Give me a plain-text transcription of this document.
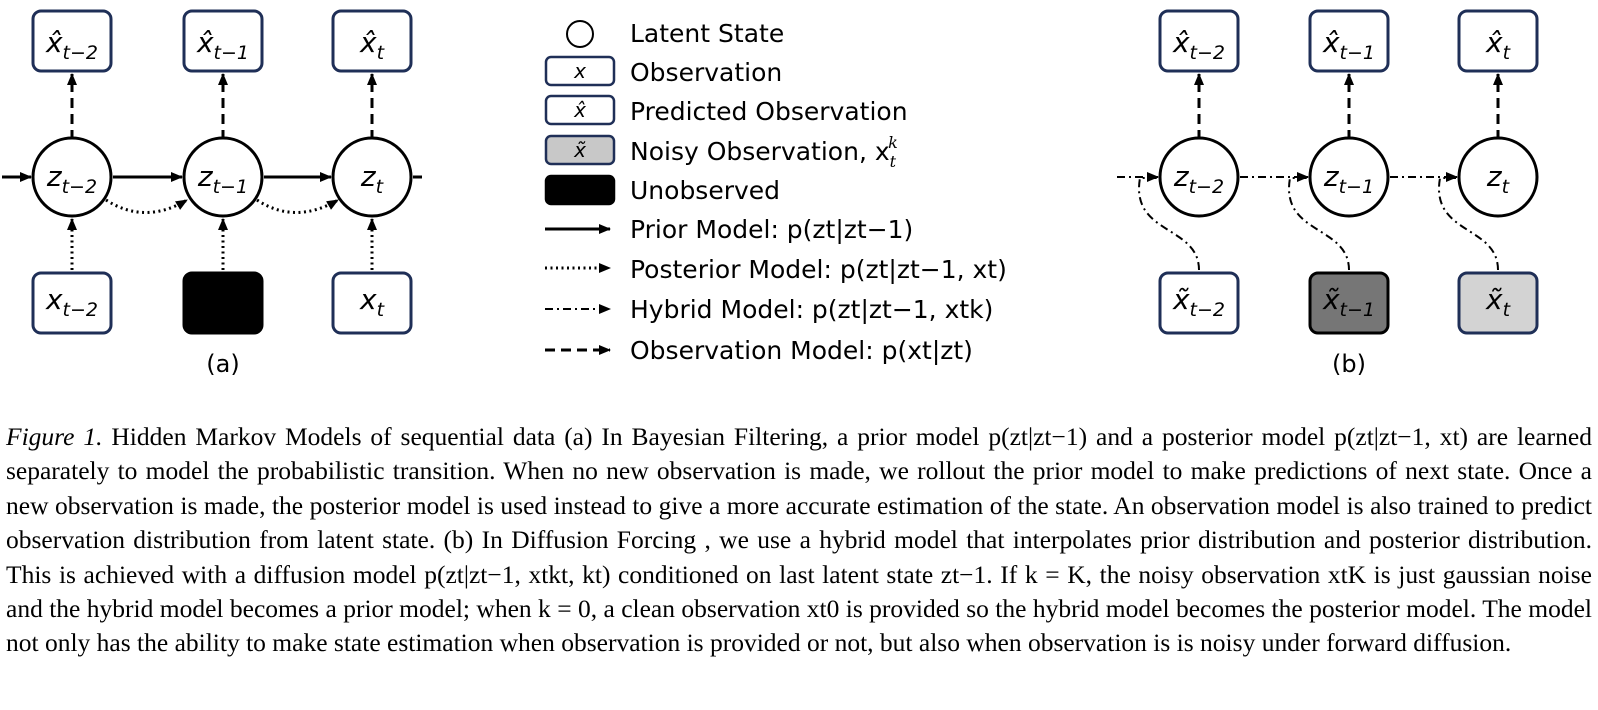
$x̂_{t-2}$	$x̂_{t-1}$	$x̂_t$
$z_{t-2}$	$z_{t-1}$	$z_t$
$x_{t-2}$	$x_t$
(a)
Latent State
x Observation
x̂ Predicted Observation
x̃ Noisy Observation, $x_tk$
Unobserved
Prior Model: p(zt|zt−1)
Posterior Model: p(zt|zt−1, xt)
Hybrid Model: p(zt|zt−1, xtk)
Observation Model: p(xt|zt)
$x̂_{t-2}$	$x̂_{t-1}$	$x̂_t$
$z_{t-2}$	$z_{t-1}$	$z_t$
$x̃_{t-2}$	$x̃_{t-1}$	$x̃_t$
(b)

Figure 1. Hidden Markov Models of sequential data (a) In Bayesian Filtering, a prior model p(zt|zt−1) and a posterior model p(zt|zt−1, xt) are learned separately to model the probabilistic transition. When no new observation is made, we rollout the prior model to make predictions of next state. Once a new observation is made, the posterior model is used instead to give a more accurate estimation of the state. An observation model is also trained to predict observation distribution from latent state. (b) In Diffusion Forcing , we use a hybrid model that interpolates prior distribution and posterior distribution. This is achieved with a diffusion model p(zt|zt−1, xtkt, kt) conditioned on last latent state zt−1. If k = K, the noisy observation xtK is just gaussian noise and the hybrid model becomes a prior model; when k = 0, a clean observation xt0 is provided so the hybrid model becomes the posterior model. The model not only has the ability to make state estimation when observation is provided or not, but also when observation is is noisy under forward diffusion.
